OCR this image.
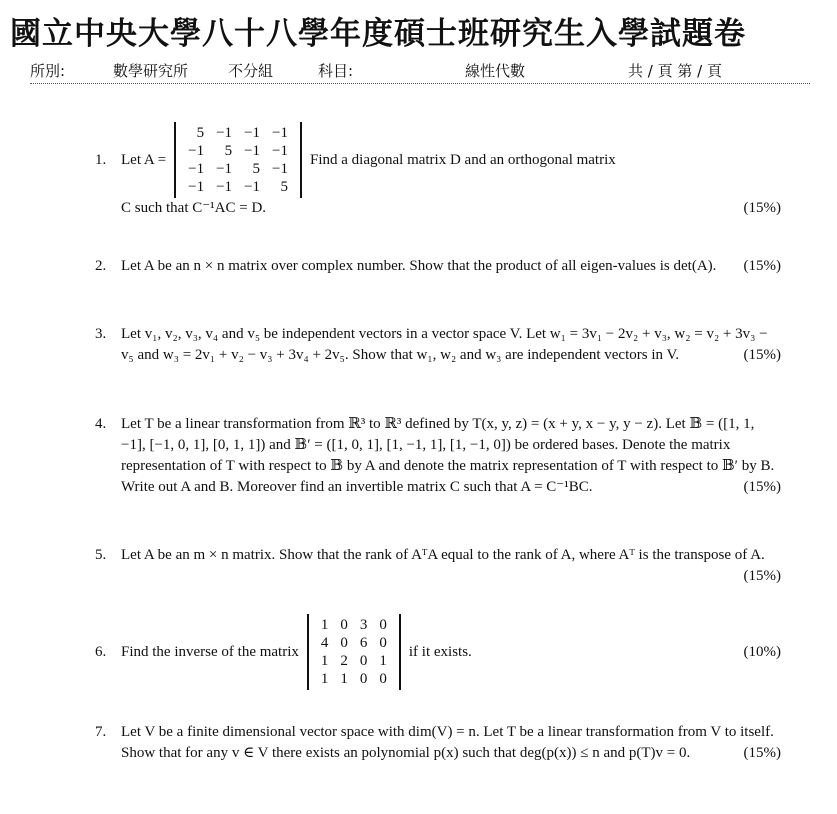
國立中央大學八十八學年度碩士班研究生入學試題卷
所別:	數學研究所	不分組	科目:	線性代數	共 / 頁 第 / 頁
1. Let A =
5	−1	−1	−1
−1	5	−1	−1
−1	−1	5	−1
−1	−1	−1	5
Find a diagonal matrix D and an orthogonal matrix
C such that C⁻¹AC = D.	(15%)
2. Let A be an n × n matrix over complex number. Show that the product of all eigen-values is det(A). (15%)
3. Let v₁, v₂, v₃, v₄ and v₅ be independent vectors in a vector space V. Let w₁ = 3v₁ − 2v₂ + v₃, w₂ = v₂ + 3v₃ − v₅ and w₃ = 2v₁ + v₂ − v₃ + 3v₄ + 2v₅. Show that w₁, w₂ and w₃ are independent vectors in V.	(15%)
4. Let T be a linear transformation from ℝ³ to ℝ³ defined by T(x, y, z) = (x + y, x − y, y − z). Let 𝔹 = ([1, 1, −1], [−1, 0, 1], [0, 1, 1]) and 𝔹′ = ([1, 0, 1], [1, −1, 1], [1, −1, 0]) be ordered bases. Denote the matrix representation of T with respect to 𝔹 by A and denote the matrix representation of T with respect to 𝔹′ by B. Write out A and B. Moreover find an invertible matrix C such that A = C⁻¹BC.	(15%)
5. Let A be an m × n matrix. Show that the rank of AᵀA equal to the rank of A, where Aᵀ is the transpose of A.
(15%)
6. Find the inverse of the matrix
1	0	3	0
4	0	6	0
1	2	0	1
1	1	0	0
if it exists.	(10%)
7. Let V be a finite dimensional vector space with dim(V) = n. Let T be a linear transformation from V to itself. Show that for any v ∈ V there exists an polynomial p(x) such that deg(p(x)) ≤ n and p(T)v = 0.	(15%)
